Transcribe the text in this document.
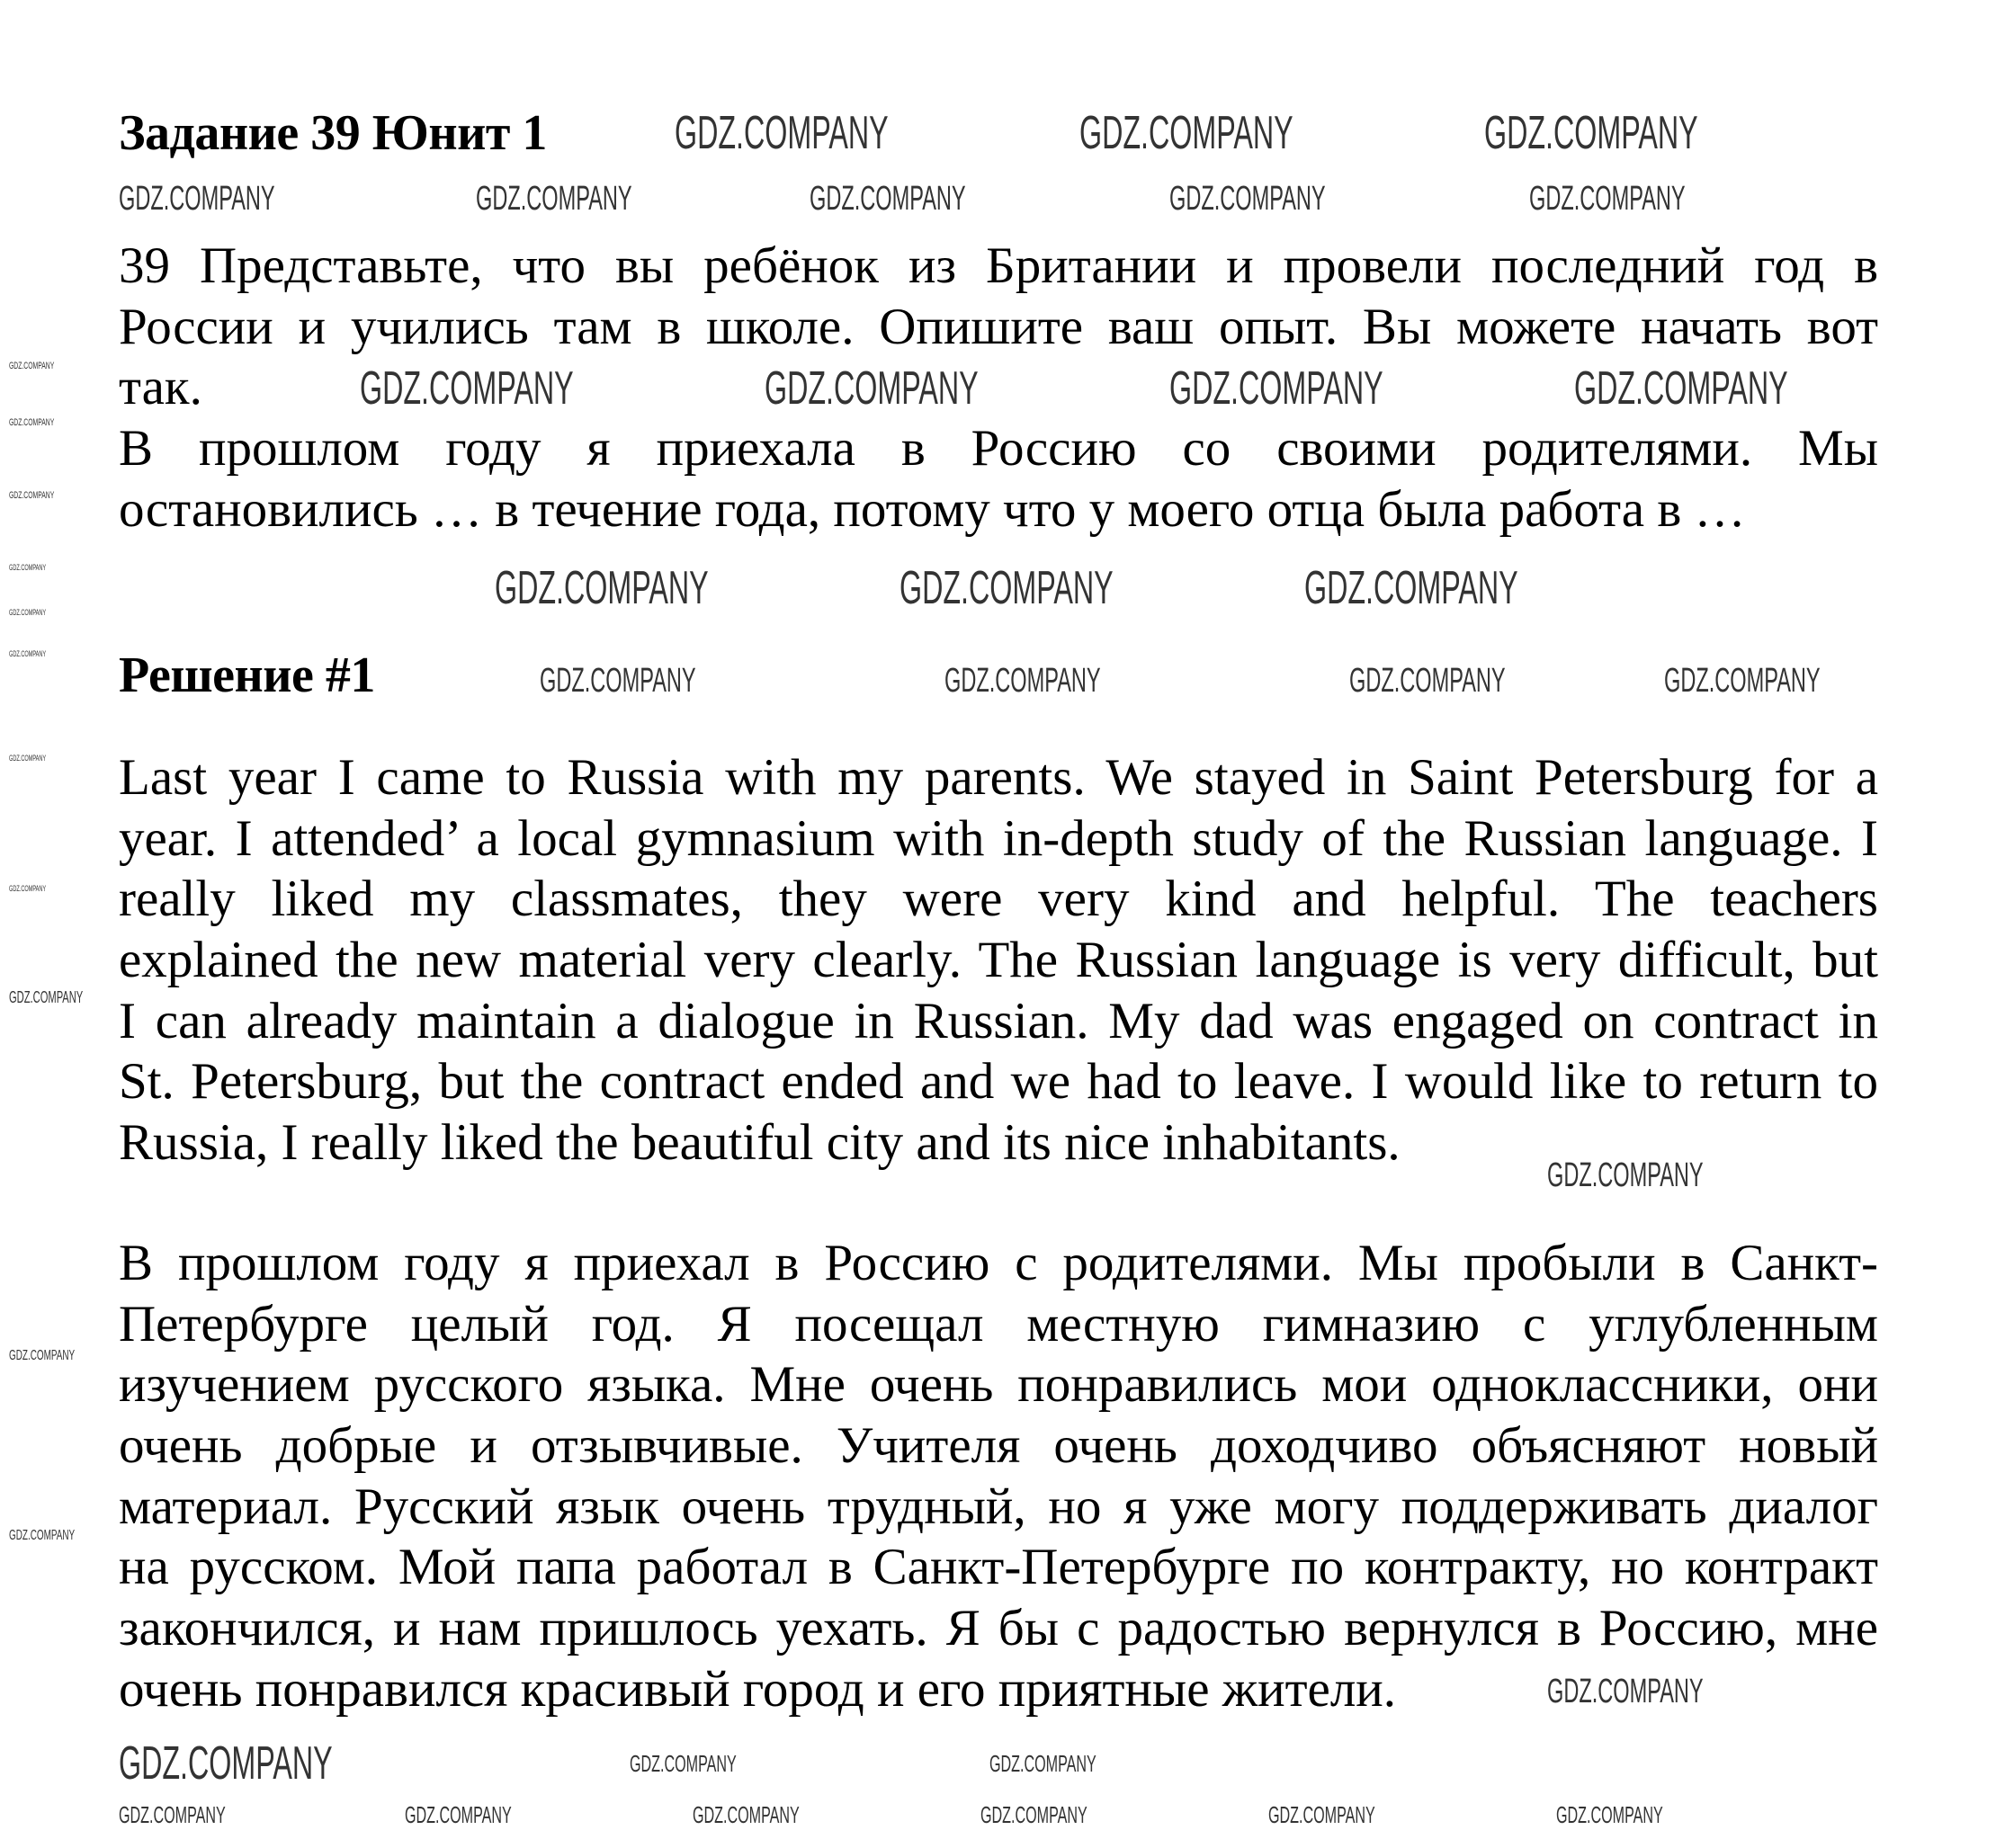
Задание 39 Юнит 1
39 Представьте, что вы ребёнок из Британии и провели последний год в
России и учились там в школе. Опишите ваш опыт. Вы можете начать вот
так.
В прошлом году я приехала в Россию со своими родителями. Мы
остановились … в течение года, потому что у моего отца была работа в …
Решение #1
Last year I came to Russia with my parents. We stayed in Saint Petersburg for a
year. I attended’ a local gymnasium with in-depth study of the Russian language. I
really liked my classmates, they were very kind and helpful. The teachers
explained the new material very clearly. The Russian language is very difficult, but
I can already maintain a dialogue in Russian. My dad was engaged on contract in
St. Petersburg, but the contract ended and we had to leave. I would like to return to
Russia, I really liked the beautiful city and its nice inhabitants.
В прошлом году я приехал в Россию с родителями. Мы пробыли в Санкт-
Петербурге целый год. Я посещал местную гимназию с углубленным
изучением русского языка. Мне очень понравились мои одноклассники, они
очень добрые и отзывчивые. Учителя очень доходчиво объясняют новый
материал. Русский язык очень трудный, но я уже могу поддерживать диалог
на русском. Мой папа работал в Санкт-Петербурге по контракту, но контракт
закончился, и нам пришлось уехать. Я бы с радостью вернулся в Россию, мне
очень понравился красивый город и его приятные жители.
GDZ.COMPANY	GDZ.COMPANY	GDZ.COMPANY
GDZ.COMPANY	GDZ.COMPANY	GDZ.COMPANY	GDZ.COMPANY	GDZ.COMPANY
GDZ.COMPANY	GDZ.COMPANY	GDZ.COMPANY	GDZ.COMPANY
GDZ.COMPANY	GDZ.COMPANY	GDZ.COMPANY
GDZ.COMPANY	GDZ.COMPANY	GDZ.COMPANY	GDZ.COMPANY
GDZ.COMPANY
GDZ.COMPANY
GDZ.COMPANY	GDZ.COMPANY	GDZ.COMPANY
GDZ.COMPANY	GDZ.COMPANY	GDZ.COMPANY	GDZ.COMPANY	GDZ.COMPANY	GDZ.COMPANY
GDZ.COMPANY
GDZ.COMPANY
GDZ.COMPANY
GDZ.COMPANY
GDZ.COMPANY
GDZ.COMPANY
GDZ.COMPANY
GDZ.COMPANY
GDZ.COMPANY
GDZ.COMPANY
GDZ.COMPANY
